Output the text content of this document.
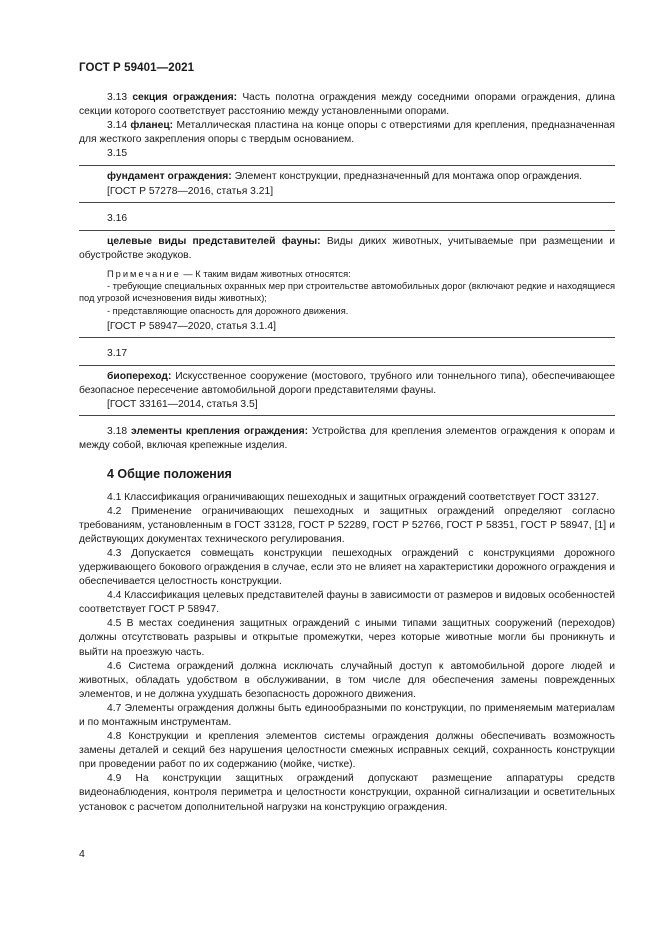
ГОСТ Р 59401—2021

3.13 секция ограждения: Часть полотна ограждения между соседними опорами ограждения, длина секции которого соответствует расстоянию между установленными опорами.

3.14 фланец: Металлическая пластина на конце опоры с отверстиями для крепления, предназначенная для жесткого закрепления опоры с твердым основанием.

3.15

фундамент ограждения: Элемент конструкции, предназначенный для монтажа опор ограждения.

[ГОСТ Р 57278—2016, статья 3.21]
3.16

целевые виды представителей фауны: Виды диких животных, учитываемые при размещении и обустройстве экодуков.

Примечание — К таким видам животных относятся:
- требующие специальных охранных мер при строительстве автомобильных дорог (включают редкие и находящиеся под угрозой исчезновения виды животных);
- представляющие опасность для дорожного движения.
[ГОСТ Р 58947—2020, статья 3.1.4]
3.17

биопереход: Искусственное сооружение (мостового, трубного или тоннельного типа), обеспечивающее безопасное пересечение автомобильной дороги представителями фауны.

[ГОСТ 33161—2014, статья 3.5]

3.18 элементы крепления ограждения: Устройства для крепления элементов ограждения к опорам и между собой, включая крепежные изделия.

4 Общие положения

4.1 Классификация ограничивающих пешеходных и защитных ограждений соответствует ГОСТ 33127.

4.2 Применение ограничивающих пешеходных и защитных ограждений определяют согласно требованиям, установленным в ГОСТ 33128, ГОСТ Р 52289, ГОСТ Р 52766, ГОСТ Р 58351, ГОСТ Р 58947, [1] и действующих документах технического регулирования.

4.3 Допускается совмещать конструкции пешеходных ограждений с конструкциями дорожного удерживающего бокового ограждения в случае, если это не влияет на характеристики дорожного ограждения и обеспечивается целостность конструкции.

4.4 Классификация целевых представителей фауны в зависимости от размеров и видовых особенностей соответствует ГОСТ Р 58947.

4.5 В местах соединения защитных ограждений с иными типами защитных сооружений (переходов) должны отсутствовать разрывы и открытые промежутки, через которые животные могли бы проникнуть и выйти на проезжую часть.

4.6 Система ограждений должна исключать случайный доступ к автомобильной дороге людей и животных, обладать удобством в обслуживании, в том числе для обеспечения замены поврежденных элементов, и не должна ухудшать безопасность дорожного движения.

4.7 Элементы ограждения должны быть единообразными по конструкции, по применяемым материалам и по монтажным инструментам.

4.8 Конструкции и крепления элементов системы ограждения должны обеспечивать возможность замены деталей и секций без нарушения целостности смежных исправных секций, сохранность конструкции при проведении работ по их содержанию (мойке, чистке).

4.9 На конструкции защитных ограждений допускают размещение аппаратуры средств видеонаблюдения, контроля периметра и целостности конструкции, охранной сигнализации и осветительных установок с расчетом дополнительной нагрузки на конструкцию ограждения.

4
